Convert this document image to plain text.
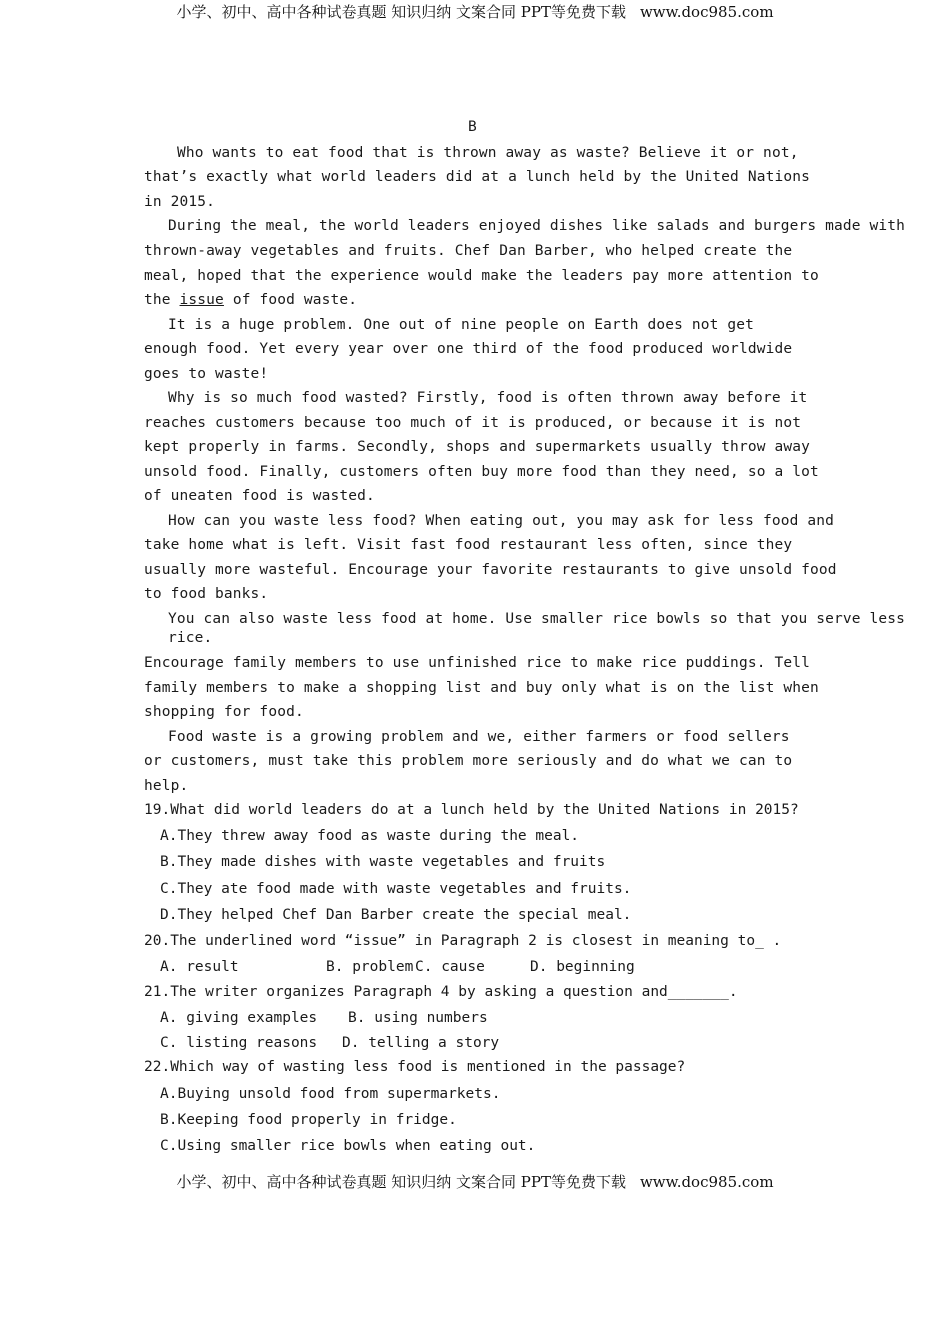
小学、初中、高中各种试卷真题 知识归纳 文案合同 PPT等免费下载 www.doc985.com
B
Who wants to eat food that is thrown away as waste? Believe it or not,
that’s exactly what world leaders did at a lunch held by the United Nations
in 2015.
During the meal, the world leaders enjoyed dishes like salads and burgers made with
thrown-away vegetables and fruits. Chef Dan Barber, who helped create the
meal, hoped that the experience would make the leaders pay more attention to
the issue of food waste.
It is a huge problem. One out of nine people on Earth does not get
enough food. Yet every year over one third of the food produced worldwide
goes to waste!
Why is so much food wasted? Firstly, food is often thrown away before it
reaches customers because too much of it is produced, or because it is not
kept properly in farms. Secondly, shops and supermarkets usually throw away
unsold food. Finally, customers often buy more food than they need, so a lot
of uneaten food is wasted.
How can you waste less food? When eating out, you may ask for less food and
take home what is left. Visit fast food restaurant less often, since they
usually more wasteful. Encourage your favorite restaurants to give unsold food
to food banks.
You can also waste less food at home. Use smaller rice bowls so that you serve less
rice.
Encourage family members to use unfinished rice to make rice puddings. Tell
family members to make a shopping list and buy only what is on the list when
shopping for food.
Food waste is a growing problem and we, either farmers or food sellers
or customers, must take this problem more seriously and do what we can to
help.
19.What did world leaders do at a lunch held by the United Nations in 2015?
A.They threw away food as waste during the meal.
B.They made dishes with waste vegetables and fruits
C.They ate food made with waste vegetables and fruits.
D.They helped Chef Dan Barber create the special meal.
20.The underlined word “issue” in Paragraph 2 is closest in meaning to_ .
A. result	B. problem C. cause	D. beginning
21.The writer organizes Paragraph 4 by asking a question and_______.
A. giving examples B. using numbers
C. listing reasons D. telling a story
22.Which way of wasting less food is mentioned in the passage?
A.Buying unsold food from supermarkets.
B.Keeping food properly in fridge.
C.Using smaller rice bowls when eating out.
小学、初中、高中各种试卷真题 知识归纳 文案合同 PPT等免费下载 www.doc985.com
